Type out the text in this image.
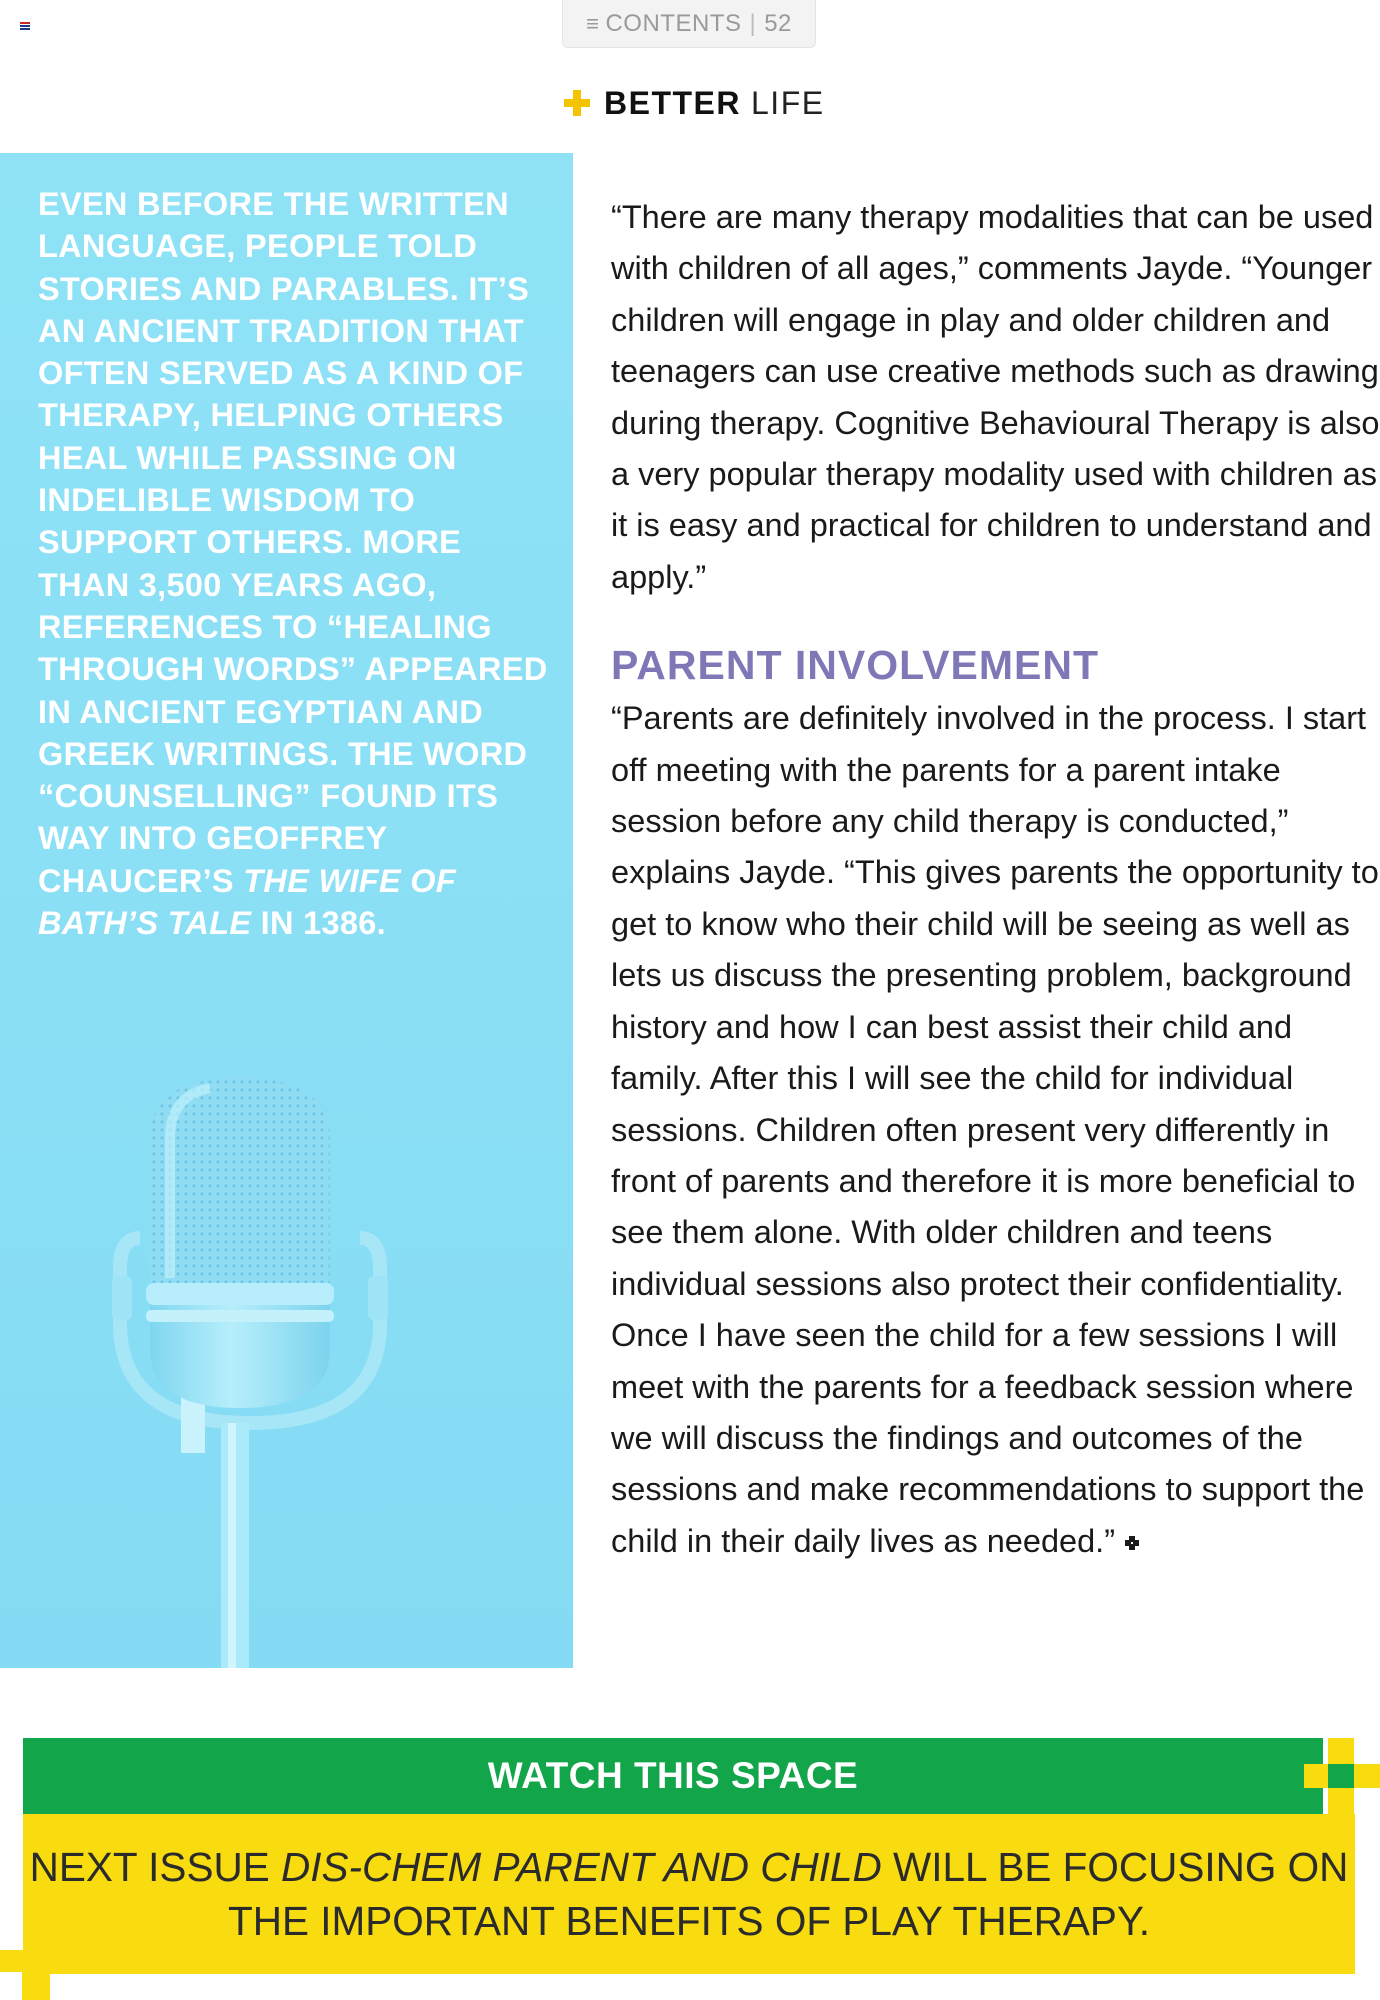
≡ CONTENTS | 52
BETTER LIFE
EVEN BEFORE THE WRITTEN LANGUAGE, PEOPLE TOLD STORIES AND PARABLES. IT’S AN ANCIENT TRADITION THAT OFTEN SERVED AS A KIND OF THERAPY, HELPING OTHERS HEAL WHILE PASSING ON INDELIBLE WISDOM TO SUPPORT OTHERS. MORE THAN 3,500 YEARS AGO, REFERENCES TO “HEALING THROUGH WORDS” APPEARED IN ANCIENT EGYPTIAN AND GREEK WRITINGS. THE WORD “COUNSELLING” FOUND ITS WAY INTO GEOFFREY CHAUCER’S THE WIFE OF BATH’S TALE IN 1386.

“There are many therapy modalities that can be used with children of all ages,” comments Jayde. “Younger children will engage in play and older children and teenagers can use creative methods such as drawing during therapy. Cognitive Behavioural Therapy is also a very popular therapy modality used with children as it is easy and practical for children to understand and apply.”

PARENT INVOLVEMENT

“Parents are definitely involved in the process. I start off meeting with the parents for a parent intake session before any child therapy is conducted,” explains Jayde. “This gives parents the opportunity to get to know who their child will be seeing as well as lets us discuss the presenting problem, background history and how I can best assist their child and family. After this I will see the child for individual sessions. Children often present very differently in front of parents and therefore it is more beneficial to see them alone. With older children and teens individual sessions also protect their confidentiality. Once I have seen the child for a few sessions I will meet with the parents for a feedback session where we will discuss the findings and outcomes of the sessions and make recommendations to support the child in their daily lives as needed.”

WATCH THIS SPACE
NEXT ISSUE DIS-CHEM PARENT AND CHILD WILL BE FOCUSING ON THE IMPORTANT BENEFITS OF PLAY THERAPY.
